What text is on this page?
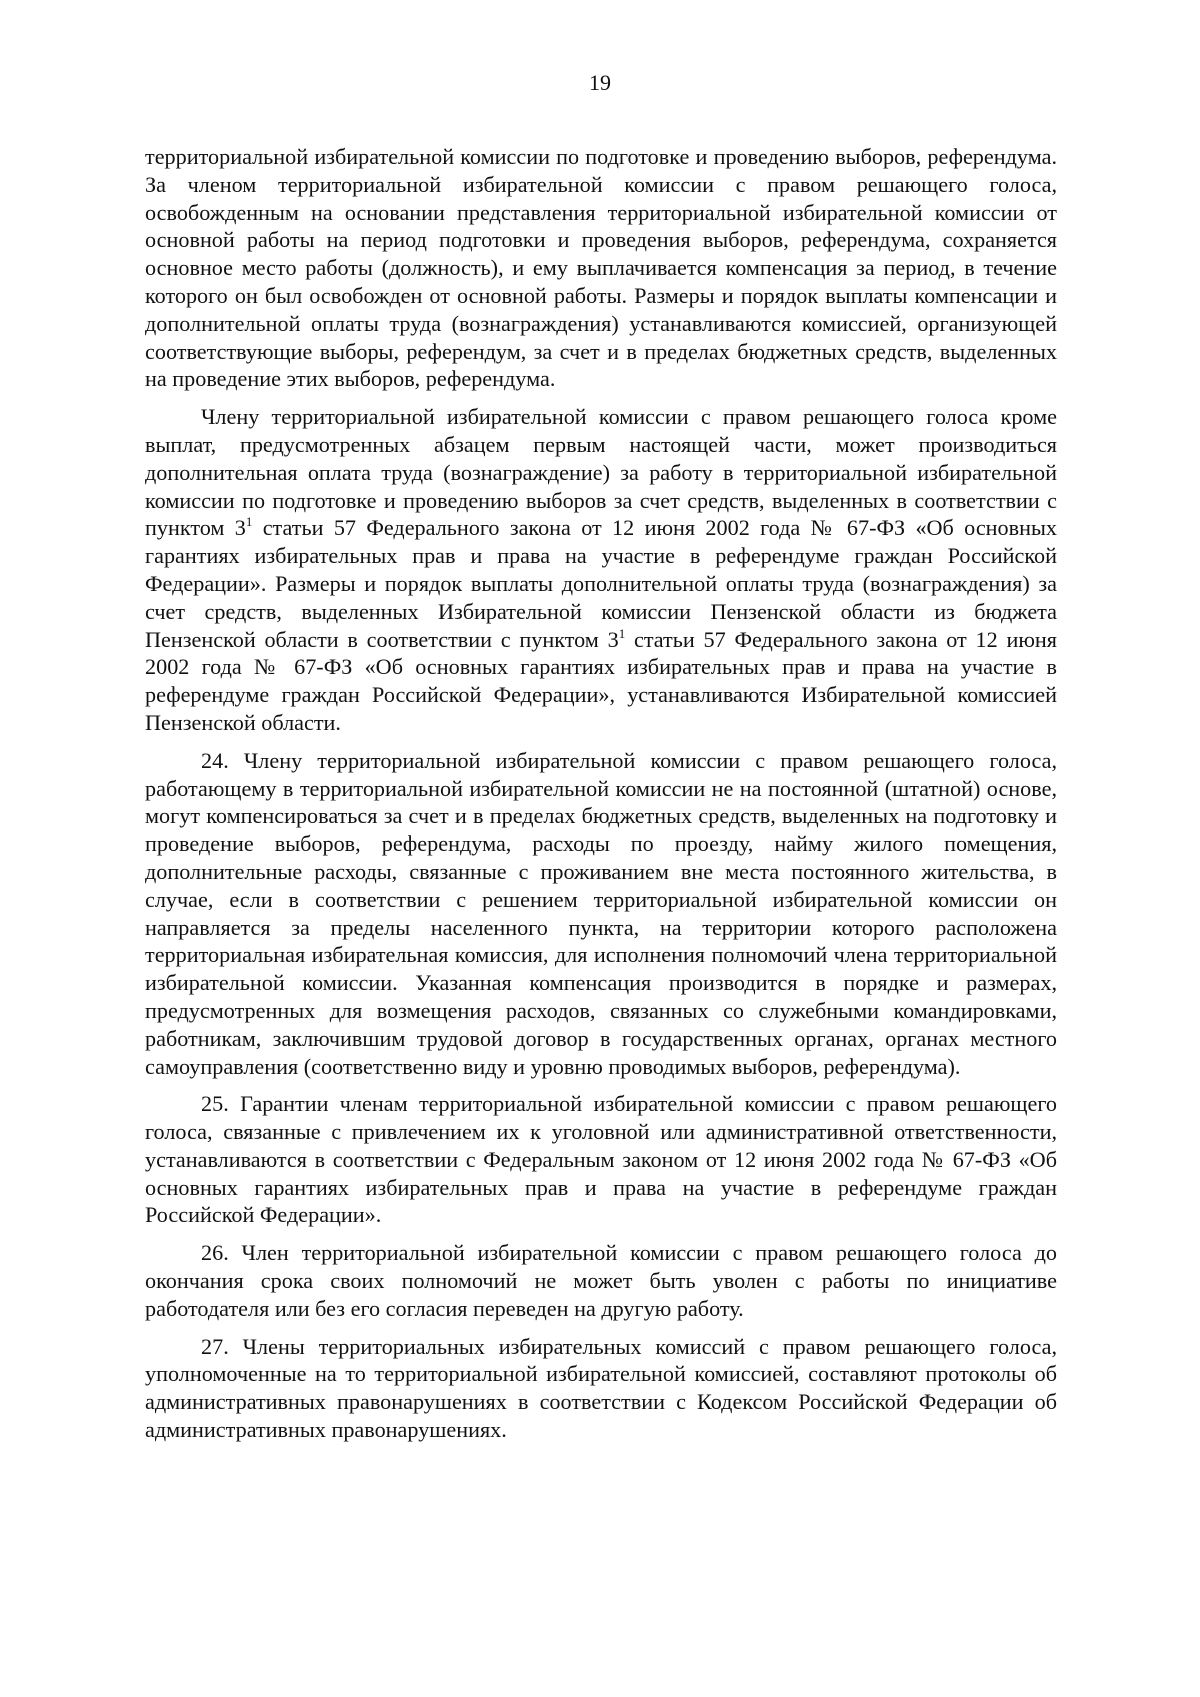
19

территориальной избирательной комиссии по подготовке и проведению выборов, референдума. За членом территориальной избирательной комиссии с правом решающего голоса, освобожденным на основании представления территориальной избирательной комиссии от основной работы на период подготовки и проведения выборов, референдума, сохраняется основное место работы (должность), и ему выплачивается компенсация за период, в течение которого он был освобожден от основной работы. Размеры и порядок выплаты компенсации и дополнительной оплаты труда (вознаграждения) устанавливаются комиссией, организующей соответствующие выборы, референдум, за счет и в пределах бюджетных средств, выделенных на проведение этих выборов, референдума.

Члену территориальной избирательной комиссии с правом решающего голоса кроме выплат, предусмотренных абзацем первым настоящей части, может производиться дополнительная оплата труда (вознаграждение) за работу в территориальной избирательной комиссии по подготовке и проведению выборов за счет средств, выделенных в соответствии с пунктом $3^1$ статьи 57 Федерального закона от 12 июня 2002 года № 67-ФЗ «Об основных гарантиях избирательных прав и права на участие в референдуме граждан Российской Федерации». Размеры и порядок выплаты дополнительной оплаты труда (вознаграждения) за счет средств, выделенных Избирательной комиссии Пензенской области из бюджета Пензенской области в соответствии с пунктом $3^1$ статьи 57 Федерального закона от 12 июня 2002 года № 67-ФЗ «Об основных гарантиях избирательных прав и права на участие в референдуме граждан Российской Федерации», устанавливаются Избирательной комиссией Пензенской области.

24. Члену территориальной избирательной комиссии с правом решающего голоса, работающему в территориальной избирательной комиссии не на постоянной (штатной) основе, могут компенсироваться за счет и в пределах бюджетных средств, выделенных на подготовку и проведение выборов, референдума, расходы по проезду, найму жилого помещения, дополнительные расходы, связанные с проживанием вне места постоянного жительства, в случае, если в соответствии с решением территориальной избирательной комиссии он направляется за пределы населенного пункта, на территории которого расположена территориальная избирательная комиссия, для исполнения полномочий члена территориальной избирательной комиссии. Указанная компенсация производится в порядке и размерах, предусмотренных для возмещения расходов, связанных со служебными командировками, работникам, заключившим трудовой договор в государственных органах, органах местного самоуправления (соответственно виду и уровню проводимых выборов, референдума).

25. Гарантии членам территориальной избирательной комиссии с правом решающего голоса, связанные с привлечением их к уголовной или административной ответственности, устанавливаются в соответствии с Федеральным законом от 12 июня 2002 года № 67-ФЗ «Об основных гарантиях избирательных прав и права на участие в референдуме граждан Российской Федерации».

26. Член территориальной избирательной комиссии с правом решающего голоса до окончания срока своих полномочий не может быть уволен с работы по инициативе работодателя или без его согласия переведен на другую работу.

27. Члены территориальных избирательных комиссий с правом решающего голоса, уполномоченные на то территориальной избирательной комиссией, составляют протоколы об административных правонарушениях в соответствии с Кодексом Российской Федерации об административных правонарушениях.
